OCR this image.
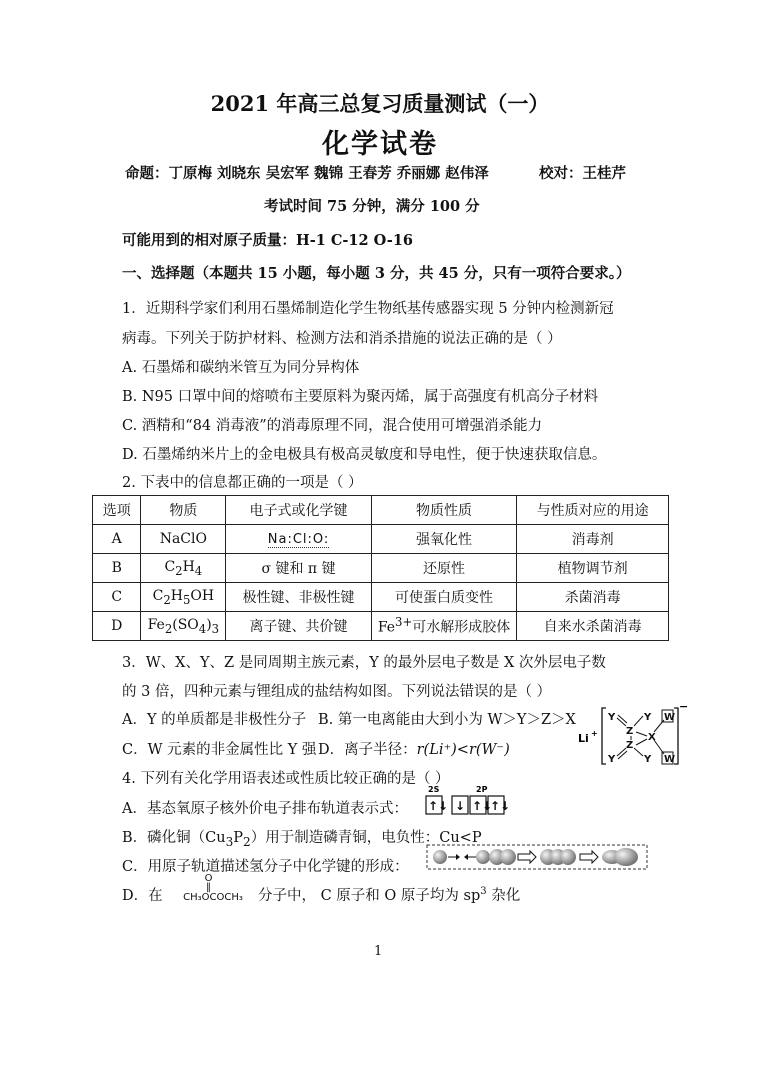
2021 年高三总复习质量测试（一）
化学试卷
命题：丁原梅 刘晓东 吴宏军 魏锦 王春芳 乔丽娜 赵伟泽	校对：王桂芹
考试时间 75 分钟，满分 100 分
可能用到的相对原子质量：H-1 C-12 O-16
一、选择题（本题共 15 小题，每小题 3 分，共 45 分，只有一项符合要求。）
1．近期科学家们利用石墨烯制造化学生物纸基传感器实现 5 分钟内检测新冠
病毒。下列关于防护材料、检测方法和消杀措施的说法正确的是（ ）
A. 石墨烯和碳纳米管互为同分异构体
B. N95 口罩中间的熔喷布主要原料为聚丙烯，属于高强度有机高分子材料
C. 酒精和“84 消毒液”的消毒原理不同，混合使用可增强消杀能力
D. 石墨烯纳米片上的金电极具有极高灵敏度和导电性，便于快速获取信息。
2. 下表中的信息都正确的一项是（ ）
选项	物质	电子式或化学键	物质性质	与性质对应的用途
A	NaClO	Na:Cl:O:	强氧化性	消毒剂
B	$C_2H_4$	σ 键和 π 键	还原性	植物调节剂
C	$C_2H_5OH$	极性键、非极性键	可使蛋白质变性	杀菌消毒
D	$Fe_2(SO_4)_3$	离子键、共价键	$Fe^{3+}$可水解形成胶体	自来水杀菌消毒
3．W、X、Y、Z 是同周期主族元素，Y 的最外层电子数是 X 次外层电子数
的 3 倍，四种元素与锂组成的盐结构如图。下列说法错误的是（ ）
A．Y 的单质都是非极性分子 B. 第一电离能由大到小为 W＞Y＞Z＞X
C．W 元素的非金属性比 Y 强 D．离子半径：r(Li⁺)<r(W⁻)
Li +
−
Y
Z
Y W
X
W
Y
Z
Y
4. 下列有关化学用语表述或性质比较正确的是（ ）
A．基态氧原子核外价电子排布轨道表示式：
2S	2P
↑↓ ↓ ↑↓
↑↓
B．磷化铜$(Cu_3P_2)$用于制造磷青铜，电负性：Cu<P
C．用原子轨道描述氢分子中化学键的形成：
D．在
O
‖
CH₃OCOCH₃	分子中， C 原子和 O 原子均为 $sp^3$ 杂化
1
